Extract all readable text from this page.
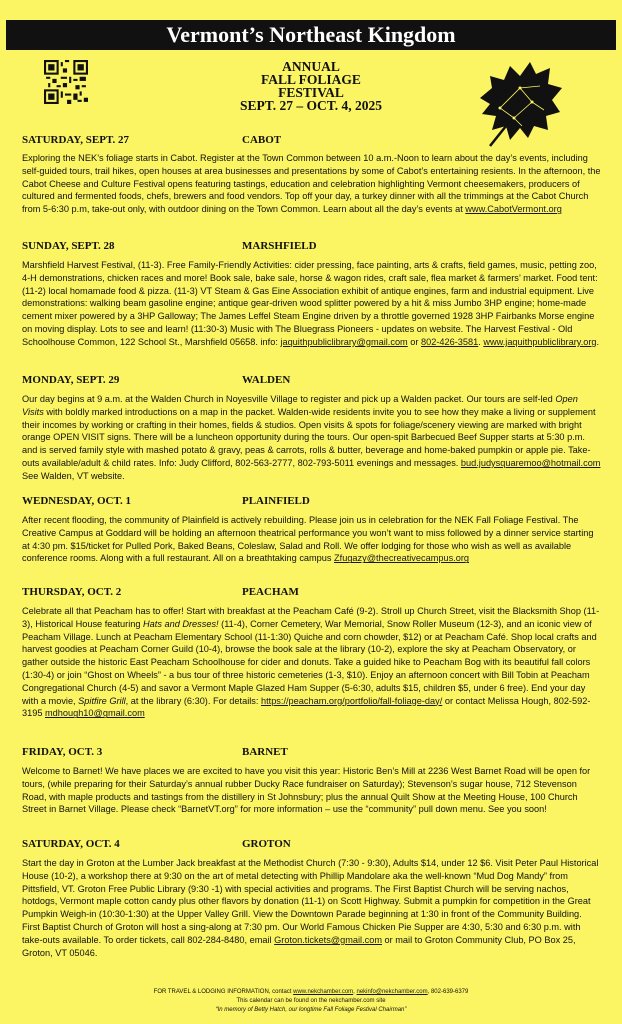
Vermont’s Northeast Kingdom
ANNUAL
FALL FOLIAGE
FESTIVAL
SEPT. 27 – OCT. 4, 2025
SATURDAY, SEPT. 27	CABOT
Exploring the NEK’s foliage starts in Cabot. Register at the Town Common between 10 a.m.-Noon to learn about the day’s events, including self-guided tours, trail hikes, open houses at area businesses and presentations by some of Cabot’s entertaining resients. In the afternoon, the Cabot Cheese and Culture Festival opens featuring tastings, education and celebration highlighting Vermont cheesemakers, producers of cultured and fermented foods, chefs, brewers and food vendors. Top off your day, a turkey dinner with all the trimmings at the Cabot Church from 5-6:30 p.m, take-out only, with outdoor dining on the Town Common. Learn about all the day’s events at www.CabotVermont.org
SUNDAY, SEPT. 28	MARSHFIELD
Marshfield Harvest Festival, (11-3). Free Family-Friendly Activities: cider pressing, face painting, arts & crafts, field games, music, petting zoo, 4-H demonstrations, chicken races and more! Book sale, bake sale, horse & wagon rides, craft sale, flea market & farmers’ market. Food tent: (11-2) local homamade food & pizza. (11-3) VT Steam & Gas Eine Association exhibit of antique engines, farm and industrial equipment. Live demonstrations: walking beam gasoline engine; antique gear-driven wood splitter powered by a hit & miss Jumbo 3HP engine; home-made cement mixer powered by a 3HP Galloway; The James Leffel Steam Engine driven by a throttle governed 1928 3HP Fairbanks Morse engine on moving display. Lots to see and learn! (11:30-3) Music with The Bluegrass Pioneers - updates on website. The Harvest Festival - Old Schoolhouse Common, 122 School St., Marshfield 05658. info: jaquithpubliclibrary@gmail.com or 802-426-3581. www.jaquithpubliclibrary.org.
MONDAY, SEPT. 29	WALDEN
Our day begins at 9 a.m. at the Walden Church in Noyesville Village to register and pick up a Walden packet. Our tours are self-led Open Visits with boldly marked introductions on a map in the packet. Walden-wide residents invite you to see how they make a living or supplement their incomes by working or crafting in their homes, fields & studios. Open visits & spots for foliage/scenery viewing are marked with bright orange OPEN VISIT signs. There will be a luncheon opportunity during the tours. Our open-spit Barbecued Beef Supper starts at 5:30 p.m. and is served family style with mashed potato & gravy, peas & carrots, rolls & butter, beverage and home-baked pumpkin or apple pie. Take-outs available/adult & child rates. Info: Judy Clifford, 802-563-2777, 802-793-5011 evenings and messages. bud.judysquaremoo@hotmail.com See Walden, VT website.
WEDNESDAY, OCT. 1	PLAINFIELD
After recent flooding, the community of Plainfield is actively rebuilding. Please join us in celebration for the NEK Fall Foliage Festival. The Creative Campus at Goddard will be holding an afternoon theatrical performance you won’t want to miss followed by a dinner service starting at 4:30 pm. $15/ticket for Pulled Pork, Baked Beans, Coleslaw, Salad and Roll. We offer lodging for those who wish as well as available conference rooms. Along with a full restaurant. All on a breathtaking campus Zfugazy@thecreativecampus.org
THURSDAY, OCT. 2	PEACHAM
Celebrate all that Peacham has to offer! Start with breakfast at the Peacham Café (9-2). Stroll up Church Street, visit the Blacksmith Shop (11-3), Historical House featuring Hats and Dresses! (11-4), Corner Cemetery, War Memorial, Snow Roller Museum (12-3), and an iconic view of Peacham Village. Lunch at Peacham Elementary School (11-1:30) Quiche and corn chowder, $12) or at Peacham Café. Shop local crafts and harvest goodies at Peacham Corner Guild (10-4), browse the book sale at the library (10-2), explore the sky at Peacham Observatory, or gather outside the historic East Peacham Schoolhouse for cider and donuts. Take a guided hike to Peacham Bog with its beautiful fall colors (1:30-4) or join “Ghost on Wheels” - a bus tour of three historic cemeteries (1-3, $10). Enjoy an afternoon concert with Bill Tobin at Peacham Congregational Church (4-5) and savor a Vermont Maple Glazed Ham Supper (5-6:30, adults $15, children $5, under 6 free). End your day with a movie, Spitfire Grill, at the library (6:30). For details: https://peacham.org/portfolio/fall-foliage-day/ or contact Melissa Hough, 802-592-3195 mdhough10@gmail.com
FRIDAY, OCT. 3	BARNET
Welcome to Barnet! We have places we are excited to have you visit this year: Historic Ben’s Mill at 2236 West Barnet Road will be open for tours, (while preparing for their Saturday’s annual rubber Ducky Race fundraiser on Saturday); Stevenson’s sugar house, 712 Stevenson Road, with maple products and tastings from the distillery in St Johnsbury; plus the annual Quilt Show at the Meeting House, 100 Church Street in Barnet Village. Please check “BarnetVT.org” for more information – use the “community” pull down menu. See you soon!
SATURDAY, OCT. 4	GROTON
Start the day in Groton at the Lumber Jack breakfast at the Methodist Church (7:30 - 9:30), Adults $14, under 12 $6. Visit Peter Paul Historical House (10-2), a workshop there at 9:30 on the art of metal detecting with Phillip Mandolare aka the well-known “Mud Dog Mandy” from Pittsfield, VT. Groton Free Public Library (9:30 -1) with special activities and programs. The First Baptist Church will be serving nachos, hotdogs, Vermont maple cotton candy plus other flavors by donation (11-1) on Scott Highway. Submit a pumpkin for competition in the Great Pumpkin Weigh-in (10:30-1:30) at the Upper Valley Grill. View the Downtown Parade beginning at 1:30 in front of the Community Building. First Baptist Church of Groton will host a sing-along at 7:30 pm. Our World Famous Chicken Pie Supper are 4:30, 5:30 and 6:30 p.m. with take-outs available. To order tickets, call 802-284-8480, email Groton.tickets@gmail.com or mail to Groton Community Club, PO Box 25, Groton, VT 05046.
FOR TRAVEL & LODGING INFORMATION, contact www.nekchamber.com, nekinfo@nekchamber.com, 802-639-6379
This calendar can be found on the nekchamber.com site
“In memory of Betty Hatch, our longtime Fall Foliage Festival Chairman”
